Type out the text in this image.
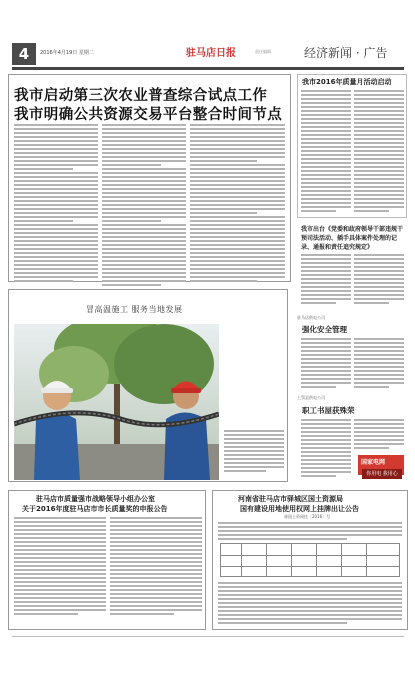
4	2016年4月19日 星期二	驻马店日报	责任编辑	经济新闻 · 广告
我市启动第三次农业普查综合试点工作
我市明确公共资源交易平台整合时间节点
我市2016年质量月活动启动
我市出台《党委和政府领导干部违规干预司法活动、插手具体案件处理的记录、通报和责任追究规定》
冒高温施工 服务当地发展
驻马店供电公司
强化安全管理
上蔡县供电公司
职工书屋获殊荣
国家电网
你用电 我用心
驻马店市质量强市战略领导小组办公室
关于2016年度驻马店市市长质量奖的申报公告
河南省驻马店市驿城区国土资源局
国有建设用地使用权网上挂牌出让公告
驿国土资网挂〔2016〕号
